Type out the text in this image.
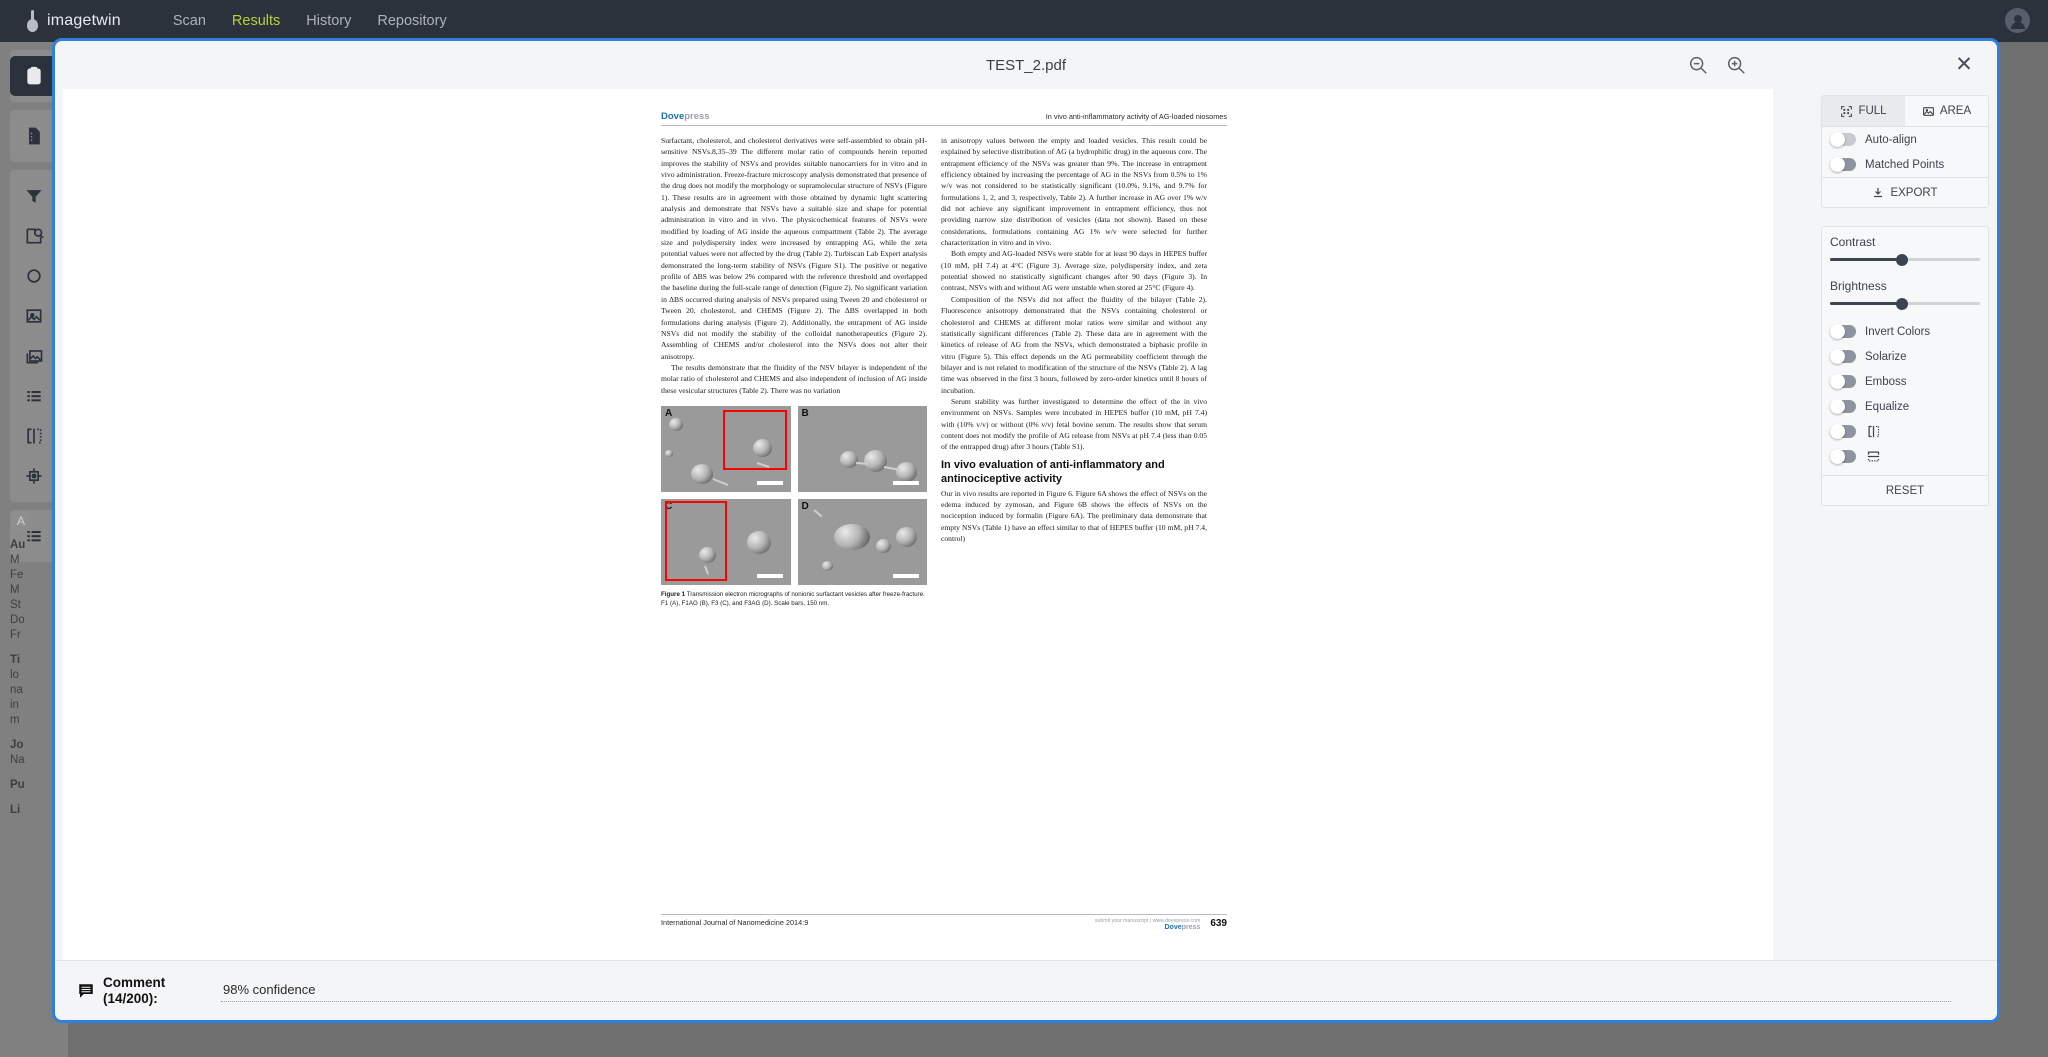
imagetwin	Scan Results History Repository
A
Au
M
Fe
M
St
Do
Fr
Ti
lo
na
in
m
Jo
Na
Pu
Li
TEST_2.pdf	✕
Dovepress	In vivo anti-inflammatory activity of AG-loaded niosomes

Surfactant, cholesterol, and cholesterol derivatives were self-assembled to obtain pH-sensitive NSVs.8,35–39 The different molar ratio of compounds herein reported improves the stability of NSVs and provides suitable nanocarriers for in vitro and in vivo administration. Freeze-fracture microscopy analysis demonstrated that presence of the drug does not modify the morphology or supramolecular structure of NSVs (Figure 1). These results are in agreement with those obtained by dynamic light scattering analysis and demonstrate that NSVs have a suitable size and shape for potential administration in vitro and in vivo. The physicochemical features of NSVs were modified by loading of AG inside the aqueous compartment (Table 2). The average size and polydispersity index were increased by entrapping AG, while the zeta potential values were not affected by the drug (Table 2). Turbiscan Lab Expert analysis demonstrated the long-term stability of NSVs (Figure S1). The positive or negative profile of ΔBS was below 2% compared with the reference threshold and overlapped the baseline during the full-scale range of detection (Figure 2). No significant variation in ΔBS occurred during analysis of NSVs prepared using Tween 20 and cholesterol or Tween 20, cholesterol, and CHEMS (Figure 2). The ΔBS overlapped in both formulations during analysis (Figure 2). Additionally, the entrapment of AG inside NSVs did not modify the stability of the colloidal nanotherapeutics (Figure 2). Assembling of CHEMS and/or cholesterol into the NSVs does not alter their anisotropy.

The results demonstrate that the fluidity of the NSV bilayer is independent of the molar ratio of cholesterol and CHEMS and also independent of inclusion of AG inside these vesicular structures (Table 2). There was no variation

A	B
C	D
Figure 1 Transmission electron micrographs of nonionic surfactant vesicles after freeze-fracture. F1 (A), F1AG (B), F3 (C), and F3AG (D). Scale bars, 150 nm.

in anisotropy values between the empty and loaded vesicles. This result could be explained by selective distribution of AG (a hydrophilic drug) in the aqueous core. The entrapment efficiency of the NSVs was greater than 9%. The increase in entrapment efficiency obtained by increasing the percentage of AG in the NSVs from 0.5% to 1% w/v was not considered to be statistically significant (10.0%, 9.1%, and 9.7% for formulations 1, 2, and 3, respectively, Table 2). A further increase in AG over 1% w/v did not achieve any significant improvement in entrapment efficiency, thus not providing narrow size distribution of vesicles (data not shown). Based on these considerations, formulations containing AG 1% w/v were selected for further characterization in vitro and in vivo.

Both empty and AG-loaded NSVs were stable for at least 90 days in HEPES buffer (10 mM, pH 7.4) at 4°C (Figure 3). Average size, polydispersity index, and zeta potential showed no statistically significant changes after 90 days (Figure 3). In contrast, NSVs with and without AG were unstable when stored at 25°C (Figure 4).

Composition of the NSVs did not affect the fluidity of the bilayer (Table 2). Fluorescence anisotropy demonstrated that the NSVs containing cholesterol or cholesterol and CHEMS at different molar ratios were similar and without any statistically significant differences (Table 2). These data are in agreement with the kinetics of release of AG from the NSVs, which demonstrated a biphasic profile in vitro (Figure 5). This effect depends on the AG permeability coefficient through the bilayer and is not related to modification of the structure of the NSVs (Table 2). A lag time was observed in the first 3 hours, followed by zero-order kinetics until 8 hours of incubation.

Serum stability was further investigated to determine the effect of the in vivo environment on NSVs. Samples were incubated in HEPES buffer (10 mM, pH 7.4) with (10% v/v) or without (0% v/v) fetal bovine serum. The results show that serum content does not modify the profile of AG release from NSVs at pH 7.4 (less than 0.05 of the entrapped drug) after 3 hours (Table S1).

In vivo evaluation of anti-inflammatory and antinociceptive activity

Our in vivo results are reported in Figure 6. Figure 6A shows the effect of NSVs on the edema induced by zymosan, and Figure 6B shows the effects of NSVs on the nociception induced by formalin (Figure 6A). The preliminary data demonstrate that empty NSVs (Table 1) have an effect similar to that of HEPES buffer (10 mM, pH 7.4, control)

International Journal of Nanomedicine 2014:9	submit your manuscript | www.dovepress.com
Dovepress 639
FULL	AREA
Auto-align
Matched Points
EXPORT
Contrast
Brightness
Invert Colors
Solarize
Emboss
Equalize
RESET
Comment
(14/200):
98% confidence
